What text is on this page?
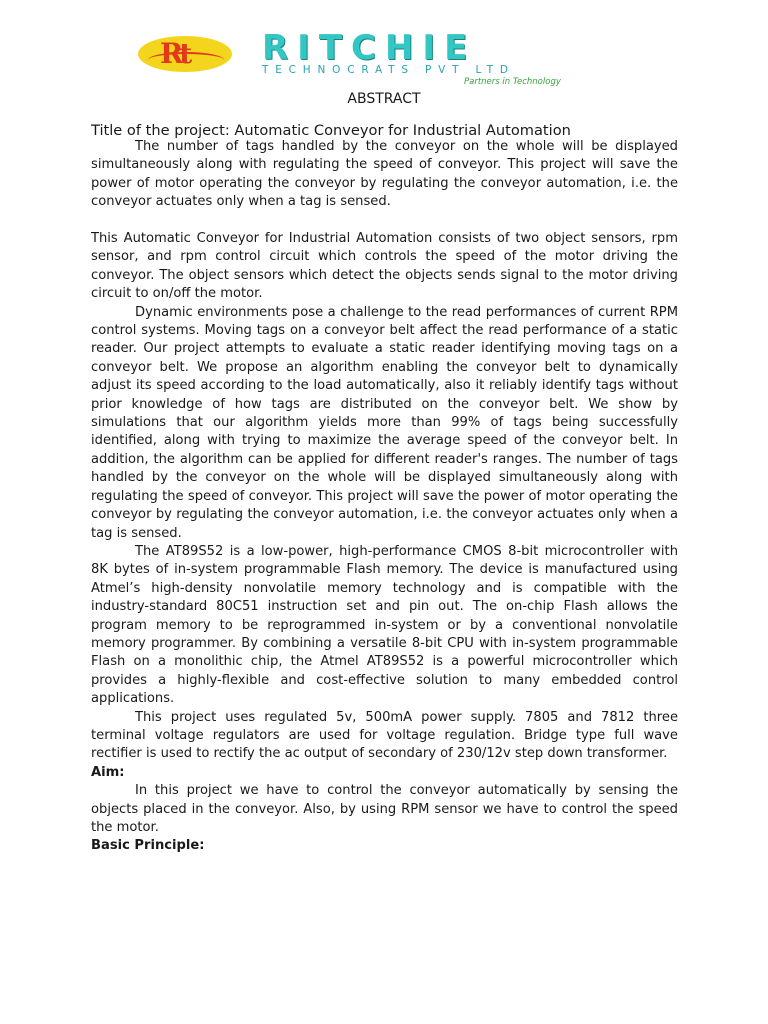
Rt RITCHIE
TECHNOCRATS PVT LTD
Partners in Technology
ABSTRACT
Title of the project: Automatic Conveyor for Industrial Automation

The number of tags handled by the conveyor on the whole will be displayed simultaneously along with regulating the speed of conveyor. This project will save the power of motor operating the conveyor by regulating the conveyor automation, i.e. the conveyor actuates only when a tag is sensed.

This Automatic Conveyor for Industrial Automation consists of two object sensors, rpm sensor, and rpm control circuit which controls the speed of the motor driving the conveyor. The object sensors which detect the objects sends signal to the motor driving circuit to on/off the motor.

Dynamic environments pose a challenge to the read performances of current RPM control systems. Moving tags on a conveyor belt affect the read performance of a static reader. Our project attempts to evaluate a static reader identifying moving tags on a conveyor belt. We propose an algorithm enabling the conveyor belt to dynamically adjust its speed according to the load automatically, also it reliably identify tags without prior knowledge of how tags are distributed on the conveyor belt. We show by simulations that our algorithm yields more than 99% of tags being successfully identified, along with trying to maximize the average speed of the conveyor belt. In addition, the algorithm can be applied for different reader's ranges. The number of tags handled by the conveyor on the whole will be displayed simultaneously along with regulating the speed of conveyor. This project will save the power of motor operating the conveyor by regulating the conveyor automation, i.e. the conveyor actuates only when a tag is sensed.

The AT89S52 is a low-power, high-performance CMOS 8-bit microcontroller with 8K bytes of in-system programmable Flash memory. The device is manufactured using Atmel’s high-density nonvolatile memory technology and is compatible with the industry-standard 80C51 instruction set and pin out. The on-chip Flash allows the program memory to be reprogrammed in-system or by a conventional nonvolatile memory programmer. By combining a versatile 8-bit CPU with in-system programmable Flash on a monolithic chip, the Atmel AT89S52 is a powerful microcontroller which provides a highly-flexible and cost-effective solution to many embedded control applications.

This project uses regulated 5v, 500mA power supply. 7805 and 7812 three terminal voltage regulators are used for voltage regulation. Bridge type full wave rectifier is used to rectify the ac output of secondary of 230/12v step down transformer.

Aim:

In this project we have to control the conveyor automatically by sensing the objects placed in the conveyor. Also, by using RPM sensor we have to control the speed the motor.

Basic Principle:
